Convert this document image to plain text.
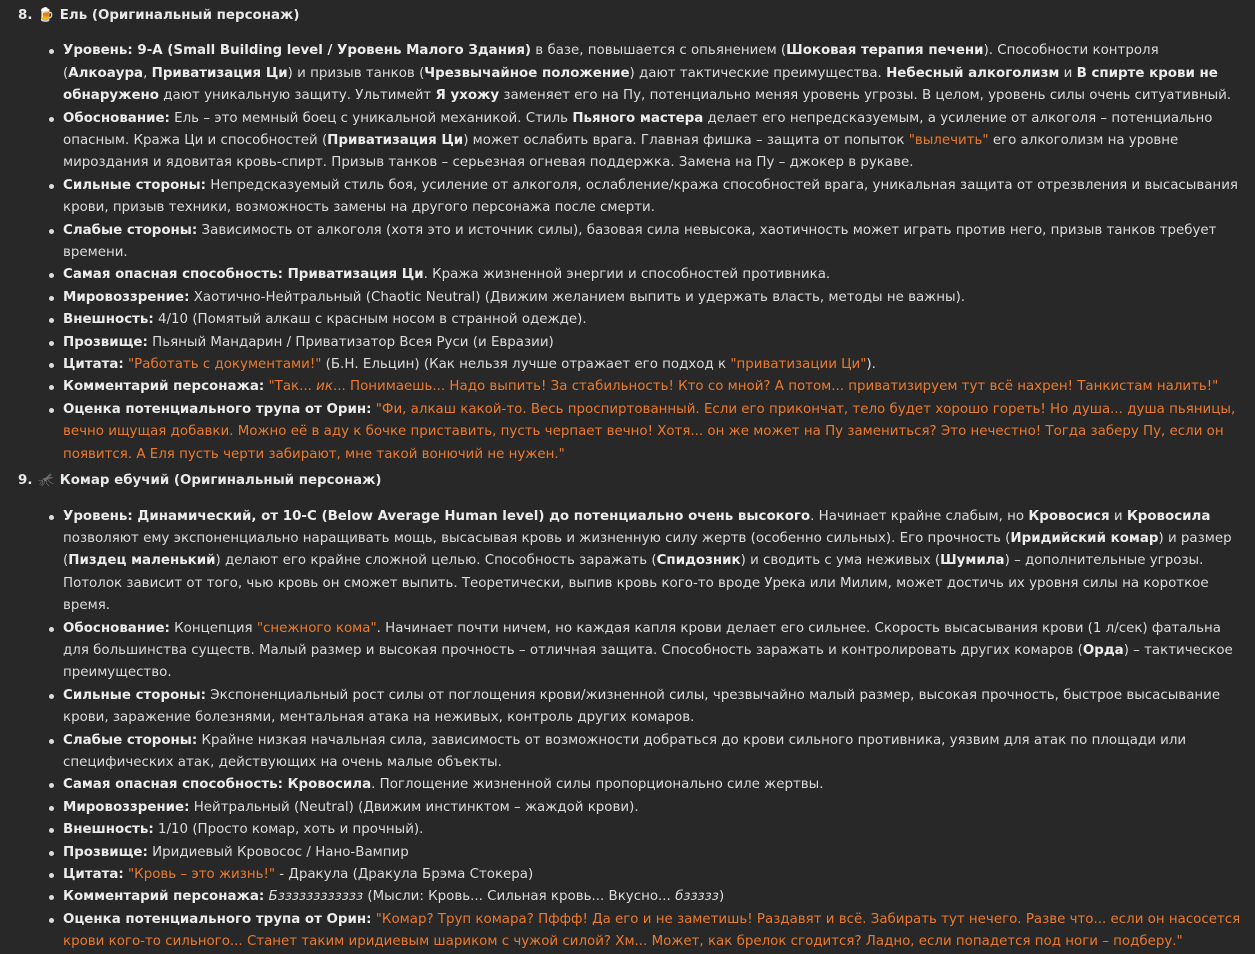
8. 🍺 Ель (Оригинальный персонаж)
Уровень: 9-A (Small Building level / Уровень Малого Здания) в базе, повышается с опьянением (Шоковая терапия печени). Способности контроля (Алкоаура, Приватизация Ци) и призыв танков (Чрезвычайное положение) дают тактические преимущества. Небесный алкоголизм и В спирте крови не обнаружено дают уникальную защиту. Ультимейт Я ухожу заменяет его на Пу, потенциально меняя уровень угрозы. В целом, уровень силы очень ситуативный.
Обоснование: Ель – это мемный боец с уникальной механикой. Стиль Пьяного мастера делает его непредсказуемым, а усиление от алкоголя – потенциально опасным. Кража Ци и способностей (Приватизация Ци) может ослабить врага. Главная фишка – защита от попыток "вылечить" его алкоголизм на уровне мироздания и ядовитая кровь-спирт. Призыв танков – серьезная огневая поддержка. Замена на Пу – джокер в рукаве.
Сильные стороны: Непредсказуемый стиль боя, усиление от алкоголя, ослабление/кража способностей врага, уникальная защита от отрезвления и высасывания крови, призыв техники, возможность замены на другого персонажа после смерти.
Слабые стороны: Зависимость от алкоголя (хотя это и источник силы), базовая сила невысока, хаотичность может играть против него, призыв танков требует времени.
Самая опасная способность: Приватизация Ци. Кража жизненной энергии и способностей противника.
Мировоззрение: Хаотично-Нейтральный (Chaotic Neutral) (Движим желанием выпить и удержать власть, методы не важны).
Внешность: 4/10 (Помятый алкаш с красным носом в странной одежде).
Прозвище: Пьяный Мандарин / Приватизатор Всея Руси (и Евразии)
Цитата: "Работать с документами!" (Б.Н. Ельцин) (Как нельзя лучше отражает его подход к "приватизации Ци").
Комментарий персонажа: "Так... ик... Понимаешь... Надо выпить! За стабильность! Кто со мной? А потом... приватизируем тут всё нахрен! Танкистам налить!"
Оценка потенциального трупа от Орин: "Фи, алкаш какой-то. Весь проспиртованный. Если его прикончат, тело будет хорошо гореть! Но душа... душа пьяницы, вечно ищущая добавки. Можно её в аду к бочке приставить, пусть черпает вечно! Хотя... он же может на Пу замениться? Это нечестно! Тогда заберу Пу, если он появится. А Еля пусть черти забирают, мне такой вонючий не нужен."
9. 🦟 Комар ебучий (Оригинальный персонаж)
Уровень: Динамический, от 10-C (Below Average Human level) до потенциально очень высокого. Начинает крайне слабым, но Кровосися и Кровосила позволяют ему экспоненциально наращивать мощь, высасывая кровь и жизненную силу жертв (особенно сильных). Его прочность (Иридийский комар) и размер (Пиздец маленький) делают его крайне сложной целью. Способность заражать (Спидозник) и сводить с ума неживых (Шумила) – дополнительные угрозы. Потолок зависит от того, чью кровь он сможет выпить. Теоретически, выпив кровь кого-то вроде Урека или Милим, может достичь их уровня силы на короткое время.
Обоснование: Концепция "снежного кома". Начинает почти ничем, но каждая капля крови делает его сильнее. Скорость высасывания крови (1 л/сек) фатальна для большинства существ. Малый размер и высокая прочность – отличная защита. Способность заражать и контролировать других комаров (Орда) – тактическое преимущество.
Сильные стороны: Экспоненциальный рост силы от поглощения крови/жизненной силы, чрезвычайно малый размер, высокая прочность, быстрое высасывание крови, заражение болезнями, ментальная атака на неживых, контроль других комаров.
Слабые стороны: Крайне низкая начальная сила, зависимость от возможности добраться до крови сильного противника, уязвим для атак по площади или специфических атак, действующих на очень малые объекты.
Самая опасная способность: Кровосила. Поглощение жизненной силы пропорционально силе жертвы.
Мировоззрение: Нейтральный (Neutral) (Движим инстинктом – жаждой крови).
Внешность: 1/10 (Просто комар, хоть и прочный).
Прозвище: Иридиевый Кровосос / Нано-Вампир
Цитата: "Кровь – это жизнь!" - Дракула (Дракула Брэма Стокера)
Комментарий персонажа: Бзззззззззззз (Мысли: Кровь... Сильная кровь... Вкусно... бззззз)
Оценка потенциального трупа от Орин: "Комар? Труп комара? Пффф! Да его и не заметишь! Раздавят и всё. Забирать тут нечего. Разве что... если он насосется крови кого-то сильного... Станет таким иридиевым шариком с чужой силой? Хм... Может, как брелок сгодится? Ладно, если попадется под ноги – подберу."
